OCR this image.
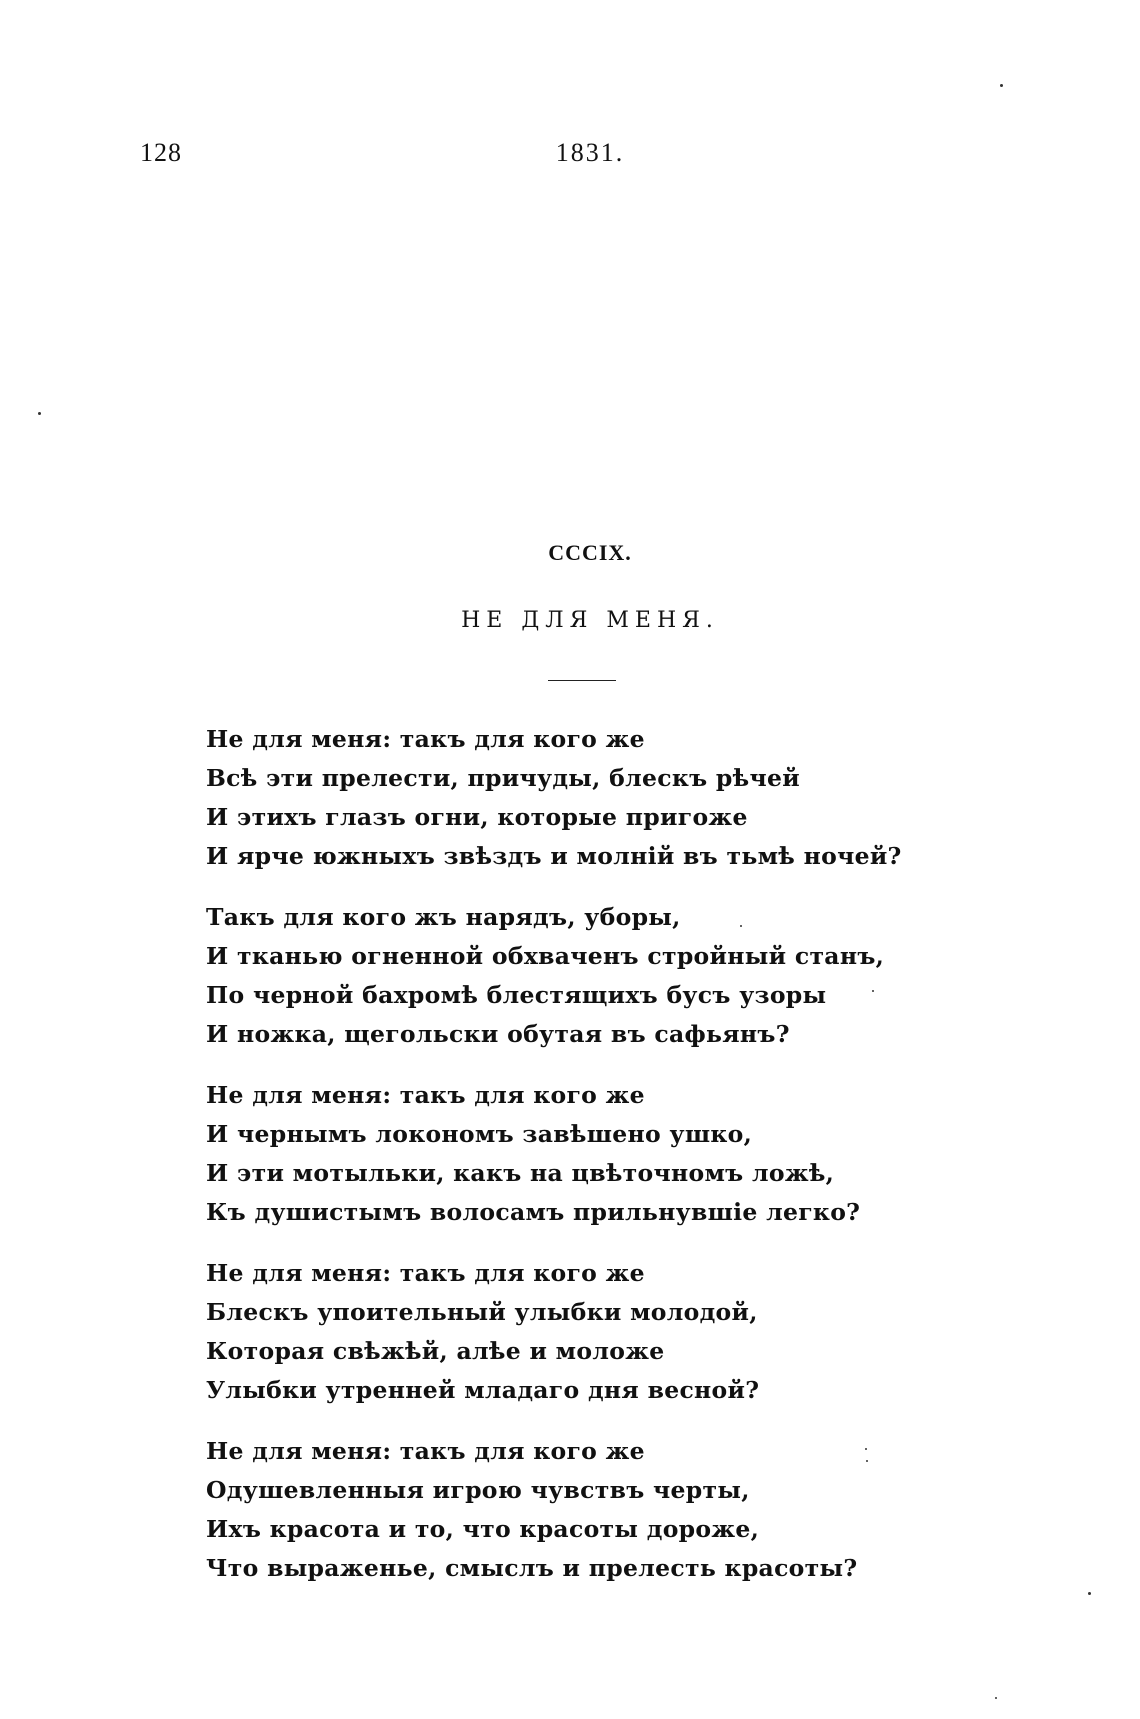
128	1831.
CCCIX.
НЕ ДЛЯ МЕНЯ.
Не для меня: такъ для кого же
Всѣ эти прелести, причуды, блескъ рѣчей
И этихъ глазъ огни, которые пригоже
И ярче южныхъ звѣздъ и молній въ тьмѣ ночей?
Такъ для кого жъ нарядъ, уборы,
И тканью огненной обхваченъ стройный станъ,
По черной бахромѣ блестящихъ бусъ узоры
И ножка, щегольски обутая въ сафьянъ?
Не для меня: такъ для кого же
И чернымъ локономъ завѣшено ушко,
И эти мотыльки, какъ на цвѣточномъ ложѣ,
Къ душистымъ волосамъ прильнувшіе легко?
Не для меня: такъ для кого же
Блескъ упоительный улыбки молодой,
Которая свѣжѣй, алѣе и моложе
Улыбки утренней младаго дня весной?
Не для меня: такъ для кого же
Одушевленныя игрою чувствъ черты,
Ихъ красота и то, что красоты дороже,
Что выраженье, смыслъ и прелесть красоты?
